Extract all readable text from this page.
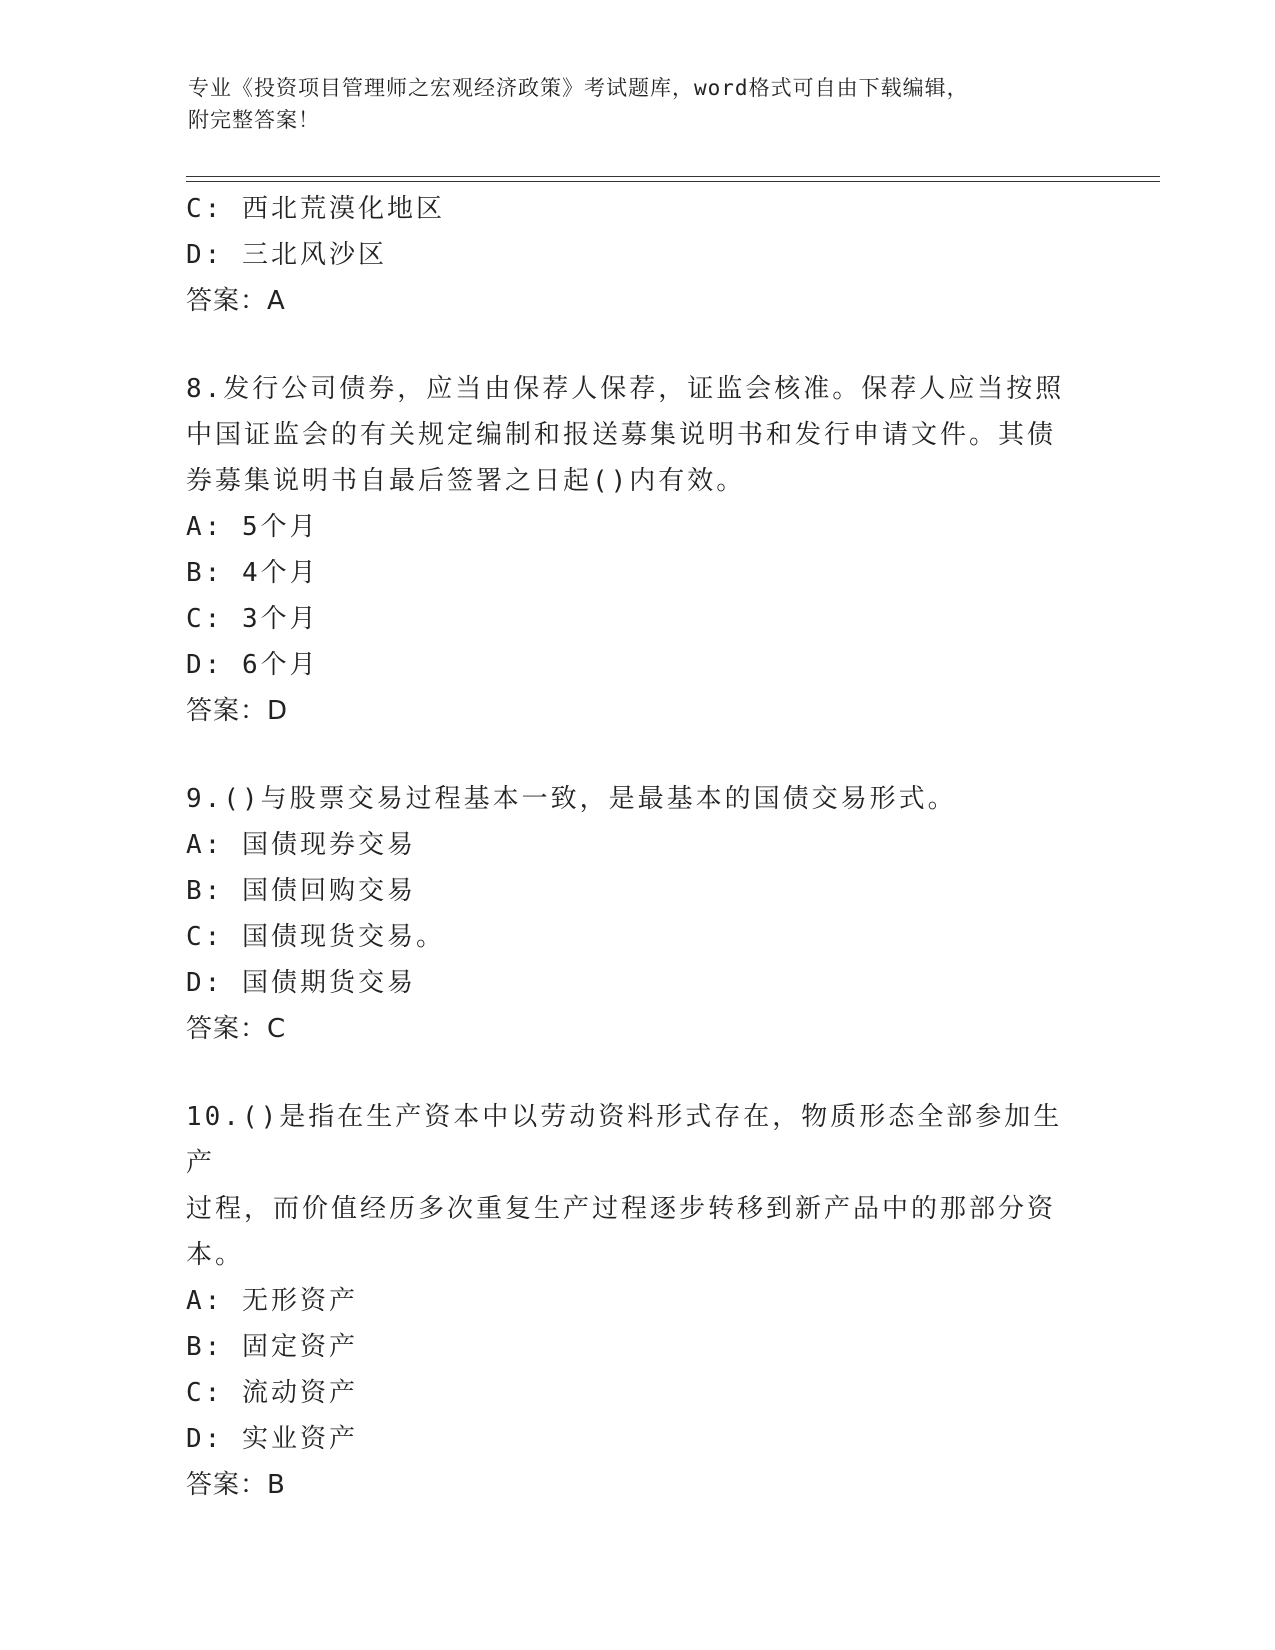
专业《投资项目管理师之宏观经济政策》考试题库，word格式可自由下载编辑，
附完整答案！
C: 西北荒漠化地区
D: 三北风沙区
答案：A
8.发行公司债券，应当由保荐人保荐，证监会核准。保荐人应当按照
中国证监会的有关规定编制和报送募集说明书和发行申请文件。其债
券募集说明书自最后签署之日起()内有效。
A: 5个月
B: 4个月
C: 3个月
D: 6个月
答案：D
9.()与股票交易过程基本一致，是最基本的国债交易形式。
A: 国债现券交易
B: 国债回购交易
C: 国债现货交易。
D: 国债期货交易
答案：C
10.()是指在生产资本中以劳动资料形式存在，物质形态全部参加生产
过程，而价值经历多次重复生产过程逐步转移到新产品中的那部分资
本。
A: 无形资产
B: 固定资产
C: 流动资产
D: 实业资产
答案：B
